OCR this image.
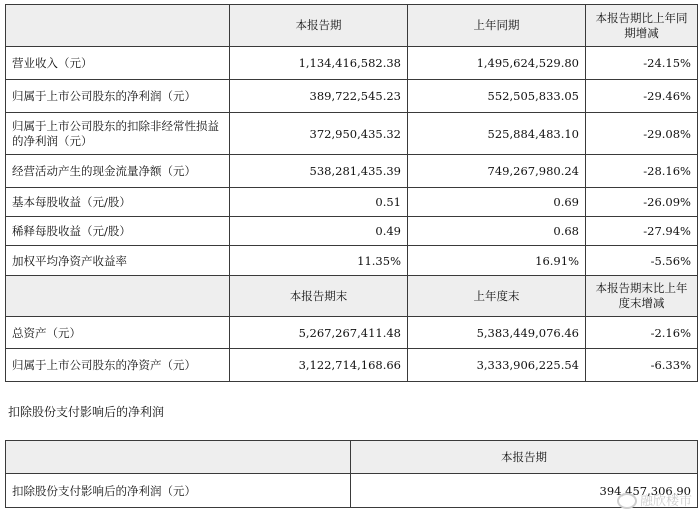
	本报告期	上年同期	本报告期比上年同期增减
营业收入（元）	1,134,416,582.38	1,495,624,529.80	-24.15%
归属于上市公司股东的净利润（元）	389,722,545.23	552,505,833.05	-29.46%
归属于上市公司股东的扣除非经常性损益的净利润（元）	372,950,435.32	525,884,483.10	-29.08%
经营活动产生的现金流量净额（元）	538,281,435.39	749,267,980.24	-28.16%
基本每股收益（元/股）	0.51	0.69	-26.09%
稀释每股收益（元/股）	0.49	0.68	-27.94%
加权平均净资产收益率	11.35%	16.91%	-5.56%
	本报告期末	上年度末	本报告期末比上年度末增减
总资产（元）	5,267,267,411.48	5,383,449,076.46	-2.16%
归属于上市公司股东的净资产（元）	3,122,714,168.66	3,333,906,225.54	-6.33%
扣除股份支付影响后的净利润
	本报告期
扣除股份支付影响后的净利润（元）	394,457,306.90
融欣楼市
